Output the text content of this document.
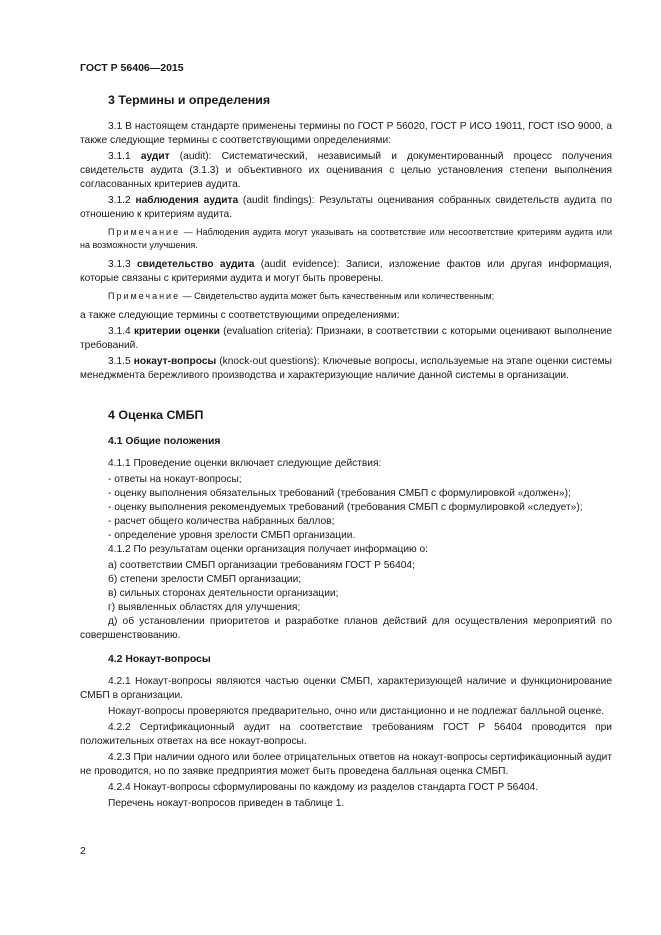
ГОСТ Р 56406—2015
3 Термины и определения

3.1 В настоящем стандарте применены термины по ГОСТ Р 56020, ГОСТ Р ИСО 19011, ГОСТ ISO 9000, а также следующие термины с соответствующими определениями:

3.1.1 аудит (audit): Систематический, независимый и документированный процесс получения свидетельств аудита (3.1.3) и объективного их оценивания с целью установления степени выполнения согласованных критериев аудита.

3.1.2 наблюдения аудита (audit findings): Результаты оценивания собранных свидетельств аудита по отношению к критериям аудита.

Примечание — Наблюдения аудита могут указывать на соответствие или несоответствие критериям аудита или на возможности улучшения.

3.1.3 свидетельство аудита (audit evidence): Записи, изложение фактов или другая информация, которые связаны с критериями аудита и могут быть проверены.

Примечание — Свидетельство аудита может быть качественным или количественным;

а также следующие термины с соответствующими определениями:

3.1.4 критерии оценки (evaluation criteria): Признаки, в соответствии с которыми оценивают выполнение требований.

3.1.5 нокаут-вопросы (knock-out questions): Ключевые вопросы, используемые на этапе оценки системы менеджмента бережливого производства и характеризующие наличие данной системы в организации.

4 Оценка СМБП
4.1 Общие положения

4.1.1 Проведение оценки включает следующие действия:

- ответы на нокаут-вопросы;

- оценку выполнения обязательных требований (требования СМБП с формулировкой «должен»);

- оценку выполнения рекомендуемых требований (требования СМБП с формулировкой «следует»);

- расчет общего количества набранных баллов;

- определение уровня зрелости СМБП организации.

4.1.2 По результатам оценки организация получает информацию о:

а) соответствии СМБП организации требованиям ГОСТ Р 56404;

б) степени зрелости СМБП организации;

в) сильных сторонах деятельности организации;

г) выявленных областях для улучшения;

д) об установлении приоритетов и разработке планов действий для осуществления мероприятий по совершенствованию.

4.2 Нокаут-вопросы

4.2.1 Нокаут-вопросы являются частью оценки СМБП, характеризующей наличие и функционирование СМБП в организации.

Нокаут-вопросы проверяются предварительно, очно или дистанционно и не подлежат балльной оценке.

4.2.2 Сертификационный аудит на соответствие требованиям ГОСТ Р 56404 проводится при положительных ответах на все нокаут-вопросы.

4.2.3 При наличии одного или более отрицательных ответов на нокаут-вопросы сертификационный аудит не проводится, но по заявке предприятия может быть проведена балльная оценка СМБП.

4.2.4 Нокаут-вопросы сформулированы по каждому из разделов стандарта ГОСТ Р 56404.

Перечень нокаут-вопросов приведен в таблице 1.

2
